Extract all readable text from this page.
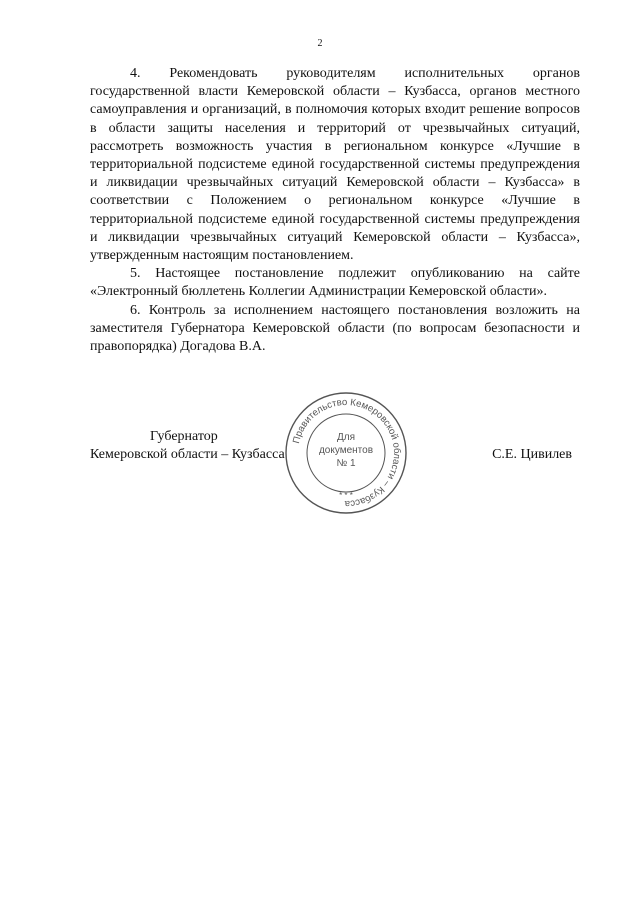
2

4. Рекомендовать руководителям исполнительных органов государственной власти Кемеровской области – Кузбасса, органов местного самоуправления и организаций, в полномочия которых входит решение вопросов в области защиты населения и территорий от чрезвычайных ситуаций, рассмотреть возможность участия в региональном конкурсе «Лучшие в территориальной подсистеме единой государственной системы предупреждения и ликвидации чрезвычайных ситуаций Кемеровской области – Кузбасса» в соответствии с Положением о региональном конкурсе «Лучшие в территориальной подсистеме единой государственной системы предупреждения и ликвидации чрезвычайных ситуаций Кемеровской области – Кузбасса», утвержденным настоящим постановлением.

5. Настоящее постановление подлежит опубликованию на сайте «Электронный бюллетень Коллегии Администрации Кемеровской области».

6. Контроль за исполнением настоящего постановления возложить на заместителя Губернатора Кемеровской области (по вопросам безопасности и правопорядка) Догадова В.А.

Губернатор
Кемеровской области – Кузбасса	С.Е. Цивилев
Правительство Кемеровской области – Кузбасса
Для
документов
№ 1
* * *
